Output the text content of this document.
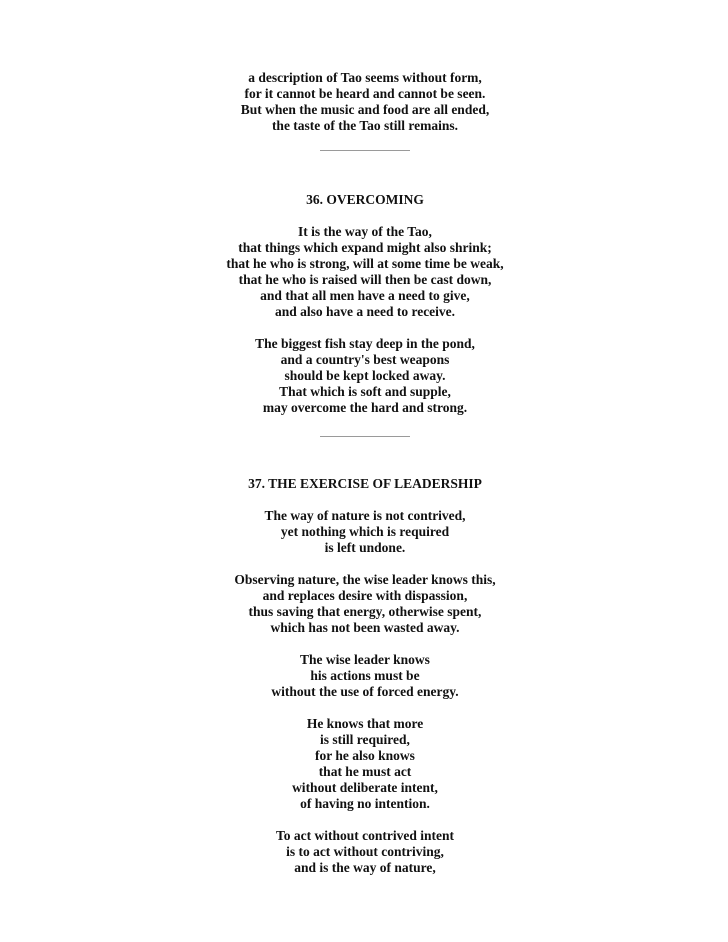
a description of Tao seems without form,
for it cannot be heard and cannot be seen.
But when the music and food are all ended,
the taste of the Tao still remains.
36. OVERCOMING
It is the way of the Tao,
that things which expand might also shrink;
that he who is strong, will at some time be weak,
that he who is raised will then be cast down,
and that all men have a need to give,
and also have a need to receive.
The biggest fish stay deep in the pond,
and a country's best weapons
should be kept locked away.
That which is soft and supple,
may overcome the hard and strong.
37. THE EXERCISE OF LEADERSHIP
The way of nature is not contrived,
yet nothing which is required
is left undone.
Observing nature, the wise leader knows this,
and replaces desire with dispassion,
thus saving that energy, otherwise spent,
which has not been wasted away.
The wise leader knows
his actions must be
without the use of forced energy.
He knows that more
is still required,
for he also knows
that he must act
without deliberate intent,
of having no intention.
To act without contrived intent
is to act without contriving,
and is the way of nature,
